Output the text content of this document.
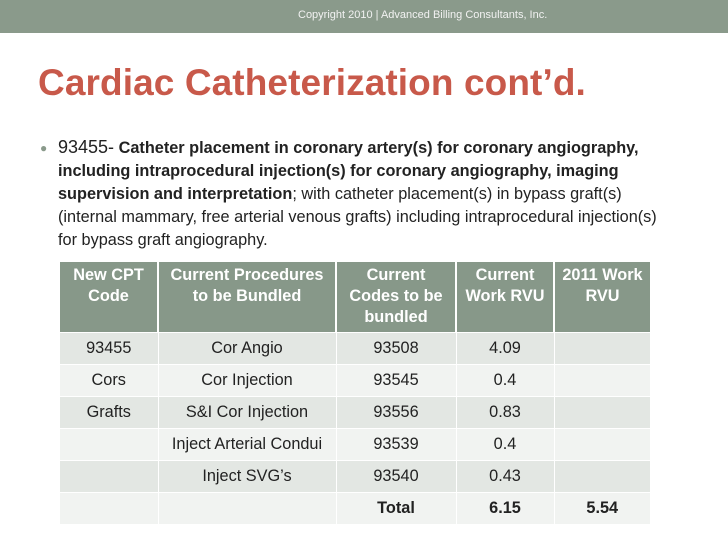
Copyright 2010 | Advanced Billing Consultants, Inc.
Cardiac Catheterization cont’d.
● 93455- Catheter placement in coronary artery(s) for coronary angiography, including intraprocedural injection(s) for coronary angiography, imaging supervision and interpretation; with catheter placement(s) in bypass graft(s) (internal mammary, free arterial venous grafts) including intraprocedural injection(s) for bypass graft angiography.

New CPT Code	Current Procedures to be Bundled	Current Codes to be bundled	Current Work RVU	2011 Work RVU
93455	Cor Angio	93508	4.09	
Cors	Cor Injection	93545	0.4	
Grafts	S&I Cor Injection	93556	0.83	
	Inject Arterial Condui	93539	0.4	
	Inject SVG’s	93540	0.43	
		Total	6.15	5.54
